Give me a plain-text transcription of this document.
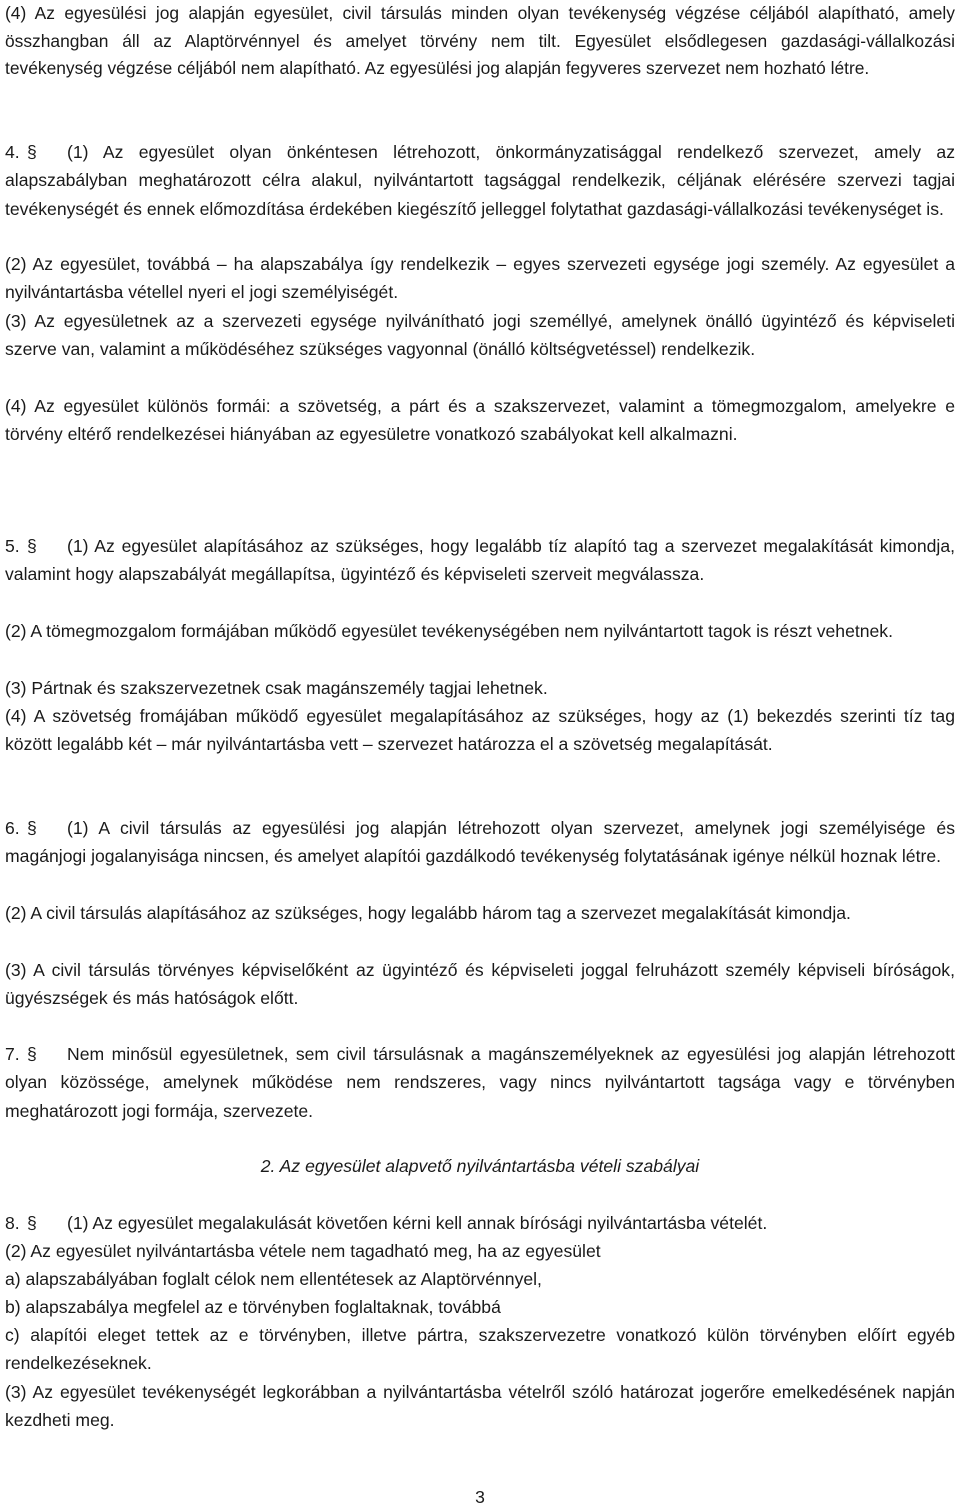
(4) Az egyesülési jog alapján egyesület, civil társulás minden olyan tevékenység végzése céljából alapítható, amely összhangban áll az Alaptörvénnyel és amelyet törvény nem tilt. Egyesület elsődlegesen gazdasági-vállalkozási tevékenység végzése céljából nem alapítható. Az egyesülési jog alapján fegyveres szervezet nem hozható létre.

4. § (1) Az egyesület olyan önkéntesen létrehozott, önkormányzatisággal rendelkező szervezet, amely az alapszabályban meghatározott célra alakul, nyilvántartott tagsággal rendelkezik, céljának elérésére szervezi tagjai tevékenységét és ennek előmozdítása érdekében kiegészítő jelleggel folytathat gazdasági-vállalkozási tevékenységet is.

(2) Az egyesület, továbbá – ha alapszabálya így rendelkezik – egyes szervezeti egysége jogi személy. Az egyesület a nyilvántartásba vétellel nyeri el jogi személyiségét.

(3) Az egyesületnek az a szervezeti egysége nyilvánítható jogi személlyé, amelynek önálló ügyintéző és képviseleti szerve van, valamint a működéséhez szükséges vagyonnal (önálló költségvetéssel) rendelkezik.

(4) Az egyesület különös formái: a szövetség, a párt és a szakszervezet, valamint a tömegmozgalom, amelyekre e törvény eltérő rendelkezései hiányában az egyesületre vonatkozó szabályokat kell alkalmazni.

5. § (1) Az egyesület alapításához az szükséges, hogy legalább tíz alapító tag a szervezet megalakítását kimondja, valamint hogy alapszabályát megállapítsa, ügyintéző és képviseleti szerveit megválassza.

(2) A tömegmozgalom formájában működő egyesület tevékenységében nem nyilvántartott tagok is részt vehetnek.

(3) Pártnak és szakszervezetnek csak magánszemély tagjai lehetnek.

(4) A szövetség fromájában működő egyesület megalapításához az szükséges, hogy az (1) bekezdés szerinti tíz tag között legalább két – már nyilvántartásba vett – szervezet határozza el a szövetség megalapítását.

6. § (1) A civil társulás az egyesülési jog alapján létrehozott olyan szervezet, amelynek jogi személyisége és magánjogi jogalanyisága nincsen, és amelyet alapítói gazdálkodó tevékenység folytatásának igénye nélkül hoznak létre.

(2) A civil társulás alapításához az szükséges, hogy legalább három tag a szervezet megalakítását kimondja.

(3) A civil társulás törvényes képviselőként az ügyintéző és képviseleti joggal felruházott személy képviseli bíróságok, ügyészségek és más hatóságok előtt.

7. § Nem minősül egyesületnek, sem civil társulásnak a magánszemélyeknek az egyesülési jog alapján létrehozott olyan közössége, amelynek működése nem rendszeres, vagy nincs nyilvántartott tagsága vagy e törvényben meghatározott jogi formája, szervezete.

2. Az egyesület alapvető nyilvántartásba vételi szabályai

8. § (1) Az egyesület megalakulását követően kérni kell annak bírósági nyilvántartásba vételét.

(2) Az egyesület nyilvántartásba vétele nem tagadható meg, ha az egyesület

a) alapszabályában foglalt célok nem ellentétesek az Alaptörvénnyel,

b) alapszabálya megfelel az e törvényben foglaltaknak, továbbá

c) alapítói eleget tettek az e törvényben, illetve pártra, szakszervezetre vonatkozó külön törvényben előírt egyéb rendelkezéseknek.

(3) Az egyesület tevékenységét legkorábban a nyilvántartásba vételről szóló határozat jogerőre emelkedésének napján kezdheti meg.

3
